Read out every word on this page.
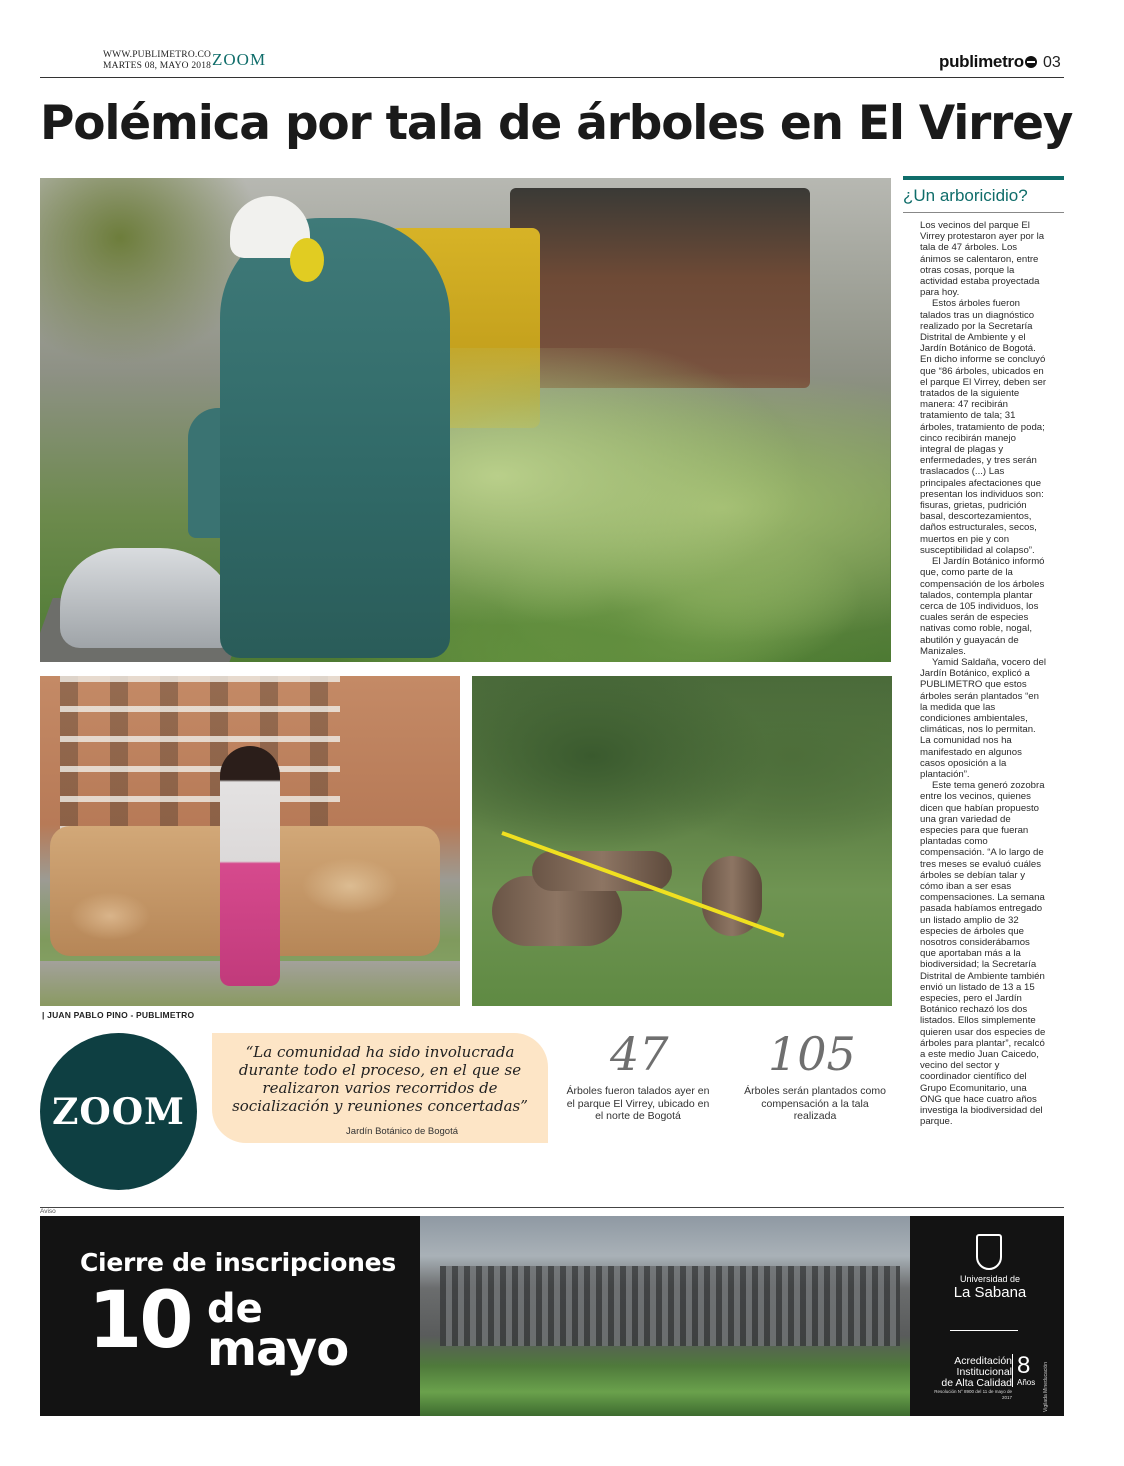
WWW.PUBLIMETRO.CO
MARTES 08, MAYO 2018 ZOOM	publimetro	03
Polémica por tala de árboles en El Virrey
| JUAN PABLO PINO - PUBLIMETRO
¿Un arboricidio?

Los vecinos del parque El Virrey protestaron ayer por la tala de 47 árboles. Los ánimos se calentaron, entre otras cosas, porque la actividad estaba proyectada para hoy.

Estos árboles fueron talados tras un diagnóstico realizado por la Secretaría Distrital de Ambiente y el Jardín Botánico de Bogotá. En dicho informe se concluyó que “86 árboles, ubicados en el parque El Virrey, deben ser tratados de la siguiente manera: 47 recibirán tratamiento de tala; 31 árboles, tratamiento de poda; cinco recibirán manejo integral de plagas y enfermedades, y tres serán traslacados (...) Las principales afectaciones que presentan los individuos son: fisuras, grietas, pudrición basal, descortezamientos, daños estructurales, secos, muertos en pie y con susceptibilidad al colapso”.

El Jardín Botánico informó que, como parte de la compensación de los árboles talados, contempla plantar cerca de 105 individuos, los cuales serán de especies nativas como roble, nogal, abutilón y guayacán de Manizales.

Yamid Saldaña, vocero del Jardín Botánico, explicó a PUBLIMETRO que estos árboles serán plantados “en la medida que las condiciones ambientales, climáticas, nos lo permitan. La comunidad nos ha manifestado en algunos casos oposición a la plantación”.

Este tema generó zozobra entre los vecinos, quienes dicen que habían propuesto una gran variedad de especies para que fueran plantadas como compensación. “A lo largo de tres meses se evaluó cuáles árboles se debían talar y cómo iban a ser esas compensaciones. La semana pasada habíamos entregado un listado amplio de 32 especies de árboles que nosotros considerábamos que aportaban más a la biodiversidad; la Secretaría Distrital de Ambiente también envió un listado de 13 a 15 especies, pero el Jardín Botánico rechazó los dos listados. Ellos simplemente quieren usar dos especies de árboles para plantar”, recalcó a este medio Juan Caicedo, vecino del sector y coordinador científico del Grupo Ecomunitario, una ONG que hace cuatro años investiga la biodiversidad del parque.

ZOOM
“La comunidad ha sido involucrada durante todo el proceso, en el que se realizaron varios recorridos de socialización y reuniones concertadas”
Jardín Botánico de Bogotá
47
Árboles fueron talados ayer en el parque El Virrey, ubicado en el norte de Bogotá
105
Árboles serán plantados como compensación a la tala realizada
Aviso
Cierre de inscripciones
10 de
mayo
Universidad de
La Sabana
Acreditación
Institucional
de Alta Calidad
Resolución N° 8900 del 11 de mayo de 2017
8
Años Vigilada Mineducación
